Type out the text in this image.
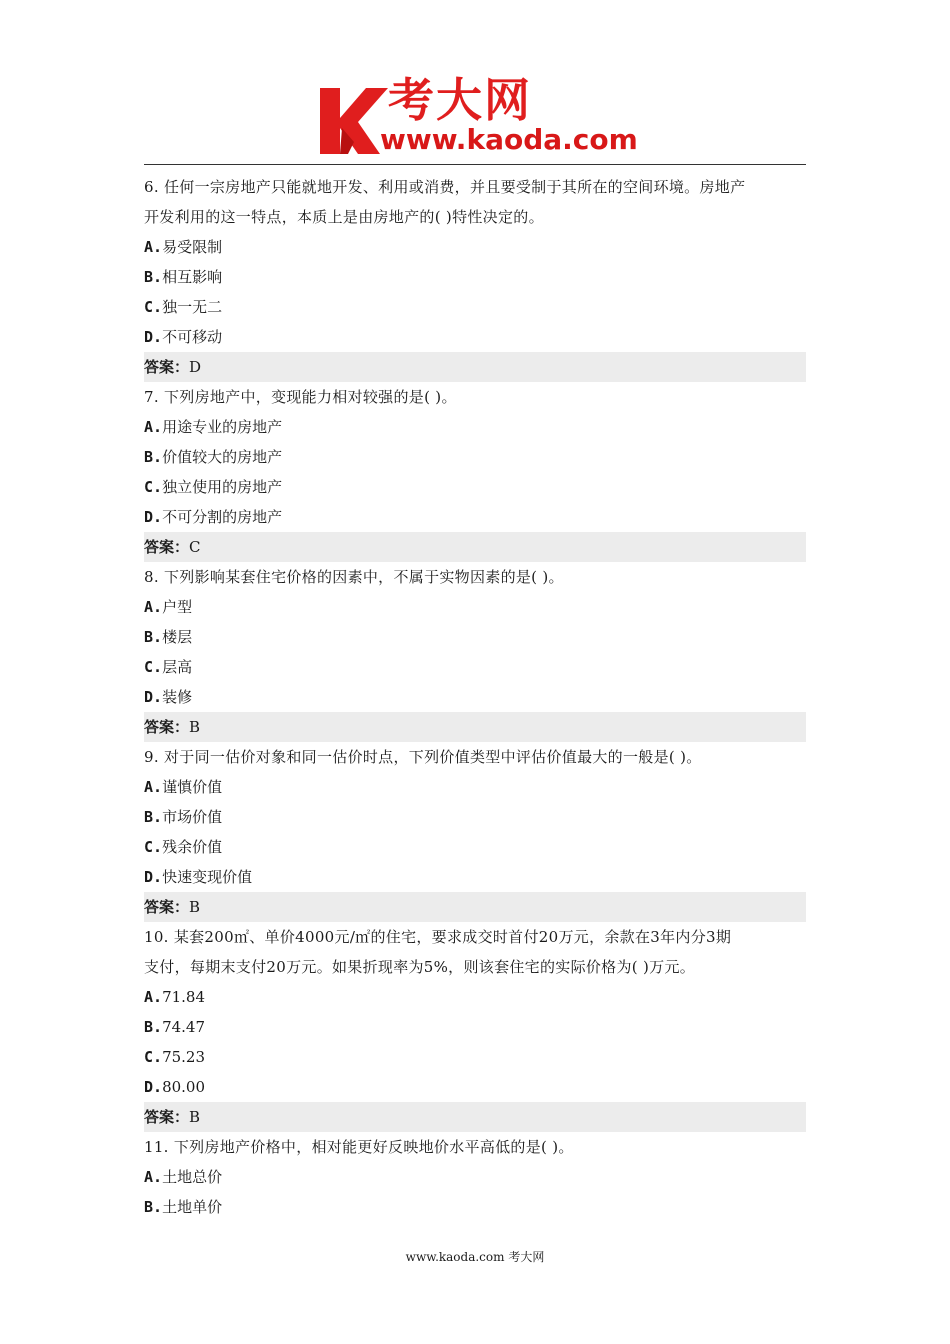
考大网
www.kaoda.com
6. 任何一宗房地产只能就地开发、利用或消费，并且要受制于其所在的空间环境。房地产
开发利用的这一特点，本质上是由房地产的( )特性决定的。
A.易受限制
B.相互影响
C.独一无二
D.不可移动
答案：D
7. 下列房地产中，变现能力相对较强的是( )。
A.用途专业的房地产
B.价值较大的房地产
C.独立使用的房地产
D.不可分割的房地产
答案：C
8. 下列影响某套住宅价格的因素中，不属于实物因素的是( )。
A.户型
B.楼层
C.层高
D.装修
答案：B
9. 对于同一估价对象和同一估价时点，下列价值类型中评估价值最大的一般是( )。
A.谨慎价值
B.市场价值
C.残余价值
D.快速变现价值
答案：B
10. 某套200㎡、单价4000元/㎡的住宅，要求成交时首付20万元，余款在3年内分3期
支付，每期末支付20万元。如果折现率为5%，则该套住宅的实际价格为( )万元。
A.71.84
B.74.47
C.75.23
D.80.00
答案：B
11. 下列房地产价格中，相对能更好反映地价水平高低的是( )。
A.土地总价
B.土地单价
www.kaoda.com 考大网
